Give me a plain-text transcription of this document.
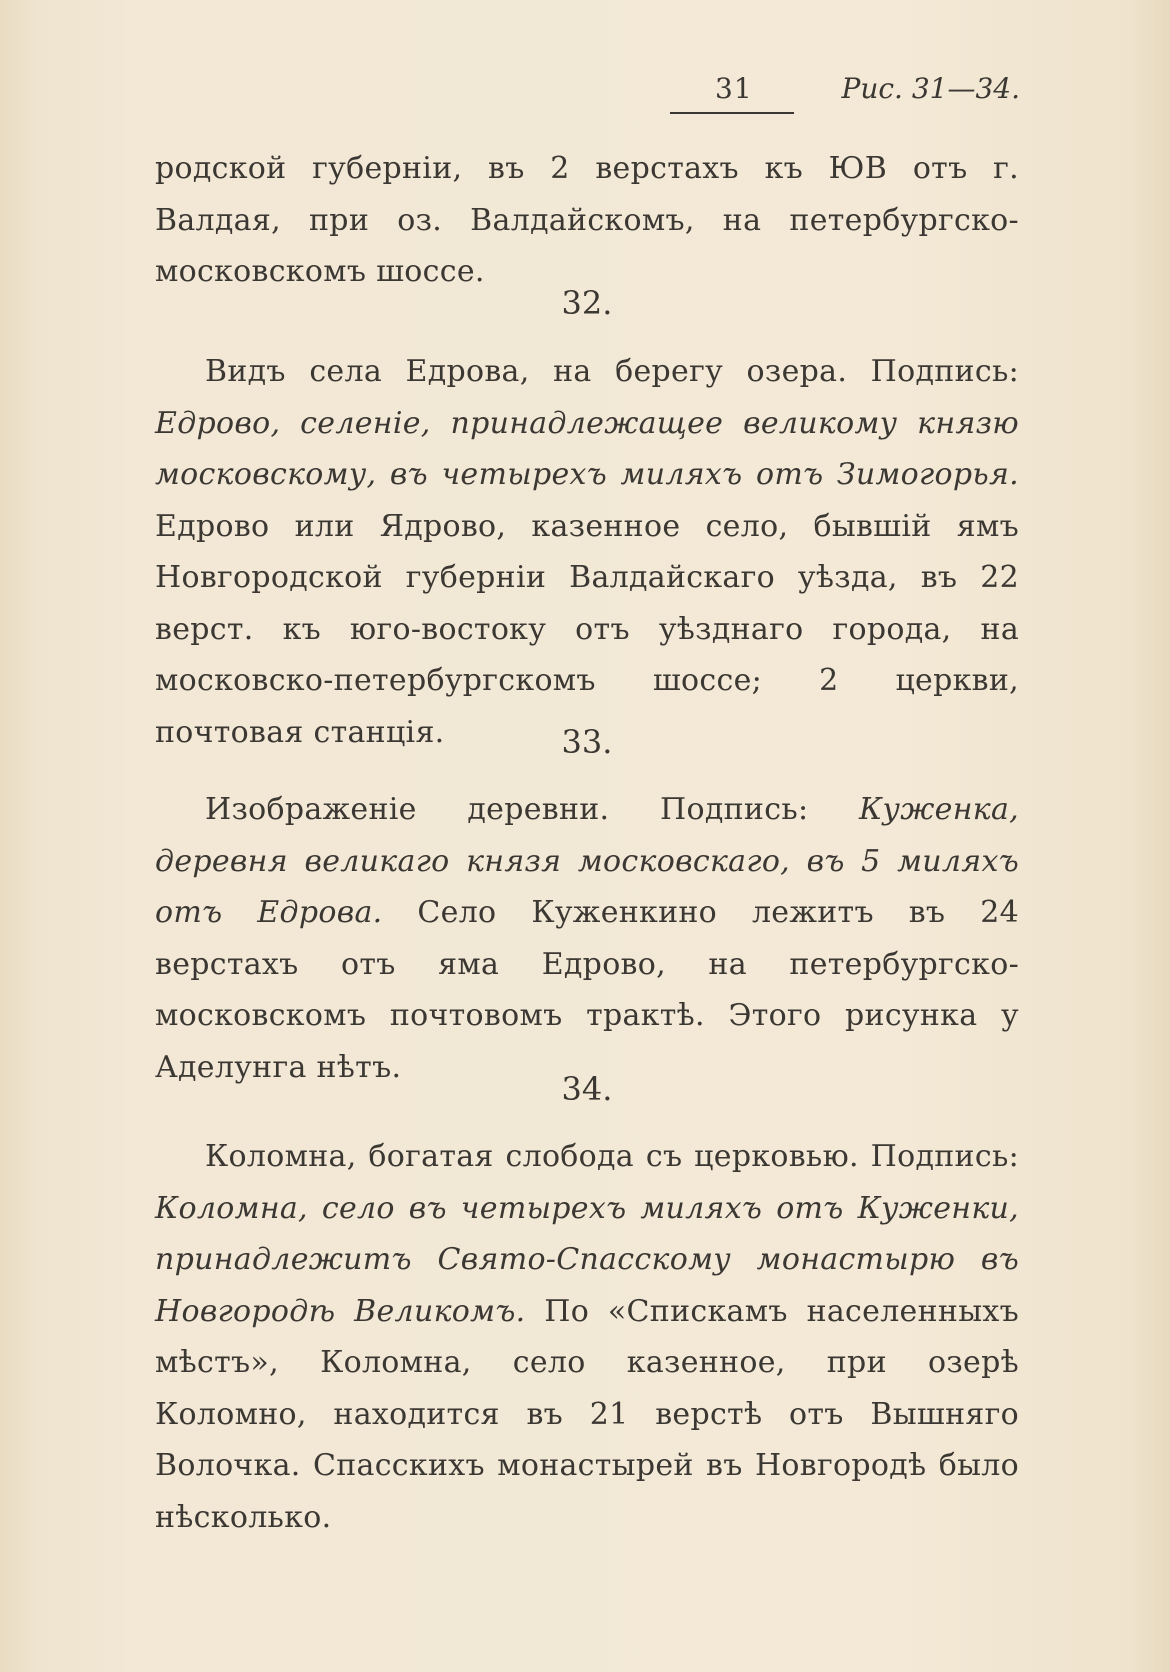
31	Рис. 31—34.

родской губерніи, въ 2 верстахъ къ ЮВ отъ г. Валдая, при оз. Валдайскомъ, на петербургско-московскомъ шоссе.

32.

Видъ села Едрова, на берегу озера. Подпись: Едрово, селеніе, принадлежащее великому князю московскому, въ четырехъ миляхъ отъ Зимогорья. Едрово или Ядрово, казенное село, бывшій ямъ Новгородской губерніи Валдайскаго уѣзда, въ 22 верст. къ юго-востоку отъ уѣзднаго города, на московско-петербургскомъ шоссе; 2 церкви, почтовая станція.	33.

Изображеніе деревни. Подпись: Куженка, деревня великаго князя московскаго, въ 5 миляхъ отъ Едрова. Село Куженкино лежитъ въ 24 верстахъ отъ яма Едрово, на петербургско-московскомъ почтовомъ трактѣ. Этого рисунка у Аделунга нѣтъ.

34.

Коломна, богатая слобода съ церковью. Подпись: Коломна, село въ четырехъ миляхъ отъ Куженки, принадлежитъ Свято-Спасскому монастырю въ Новгородѣ Великомъ. По «Спискамъ населенныхъ мѣстъ», Коломна, село казенное, при озерѣ Коломно, находится въ 21 верстѣ отъ Вышняго Волочка. Спасскихъ монастырей въ Новгородѣ было нѣсколько.
